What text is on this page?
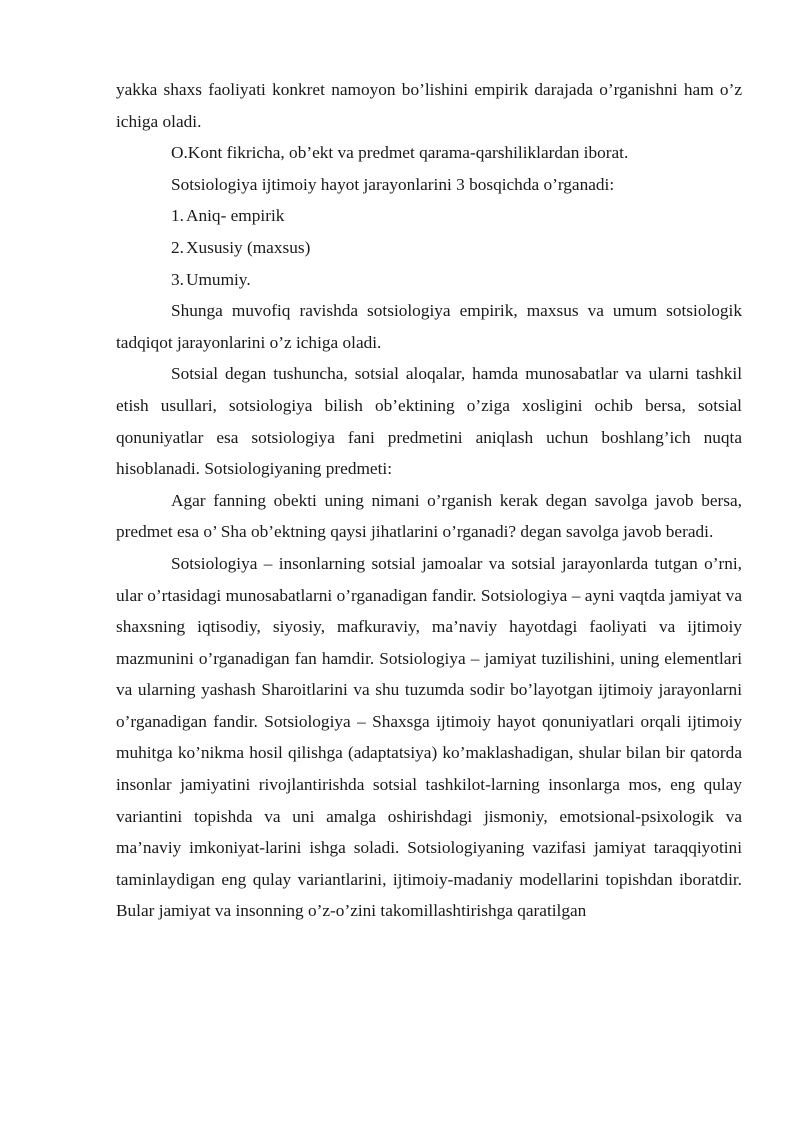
yakka shaxs faoliyati konkret namoyon bo’lishini empirik darajada o’rganishni ham o’z ichiga oladi.

O.Kont fikricha, ob’ekt va predmet qarama-qarshiliklardan iborat.

Sotsiologiya ijtimoiy hayot jarayonlarini 3 bosqichda o’rganadi:

1. Aniq- empirik

2. Xususiy (maxsus)

3. Umumiy.

Shunga muvofiq ravishda sotsiologiya empirik, maxsus va umum sotsiologik tadqiqot jarayonlarini o’z ichiga oladi.

Sotsial degan tushuncha, sotsial aloqalar, hamda munosabatlar va ularni tashkil etish usullari, sotsiologiya bilish ob’ektining o’ziga xosligini ochib bersa, sotsial qonuniyatlar esa sotsiologiya fani predmetini aniqlash uchun boshlang’ich nuqta hisoblanadi. Sotsiologiyaning predmeti:

Agar fanning obekti uning nimani o’rganish kerak degan savolga javob bersa, predmet esa o’ Sha ob’ektning qaysi jihatlarini o’rganadi? degan savolga javob beradi.

Sotsiologiya – insonlarning sotsial jamoalar va sotsial jarayonlarda tutgan o’rni, ular o’rtasidagi munosabatlarni o’rganadigan fandir. Sotsiologiya – ayni vaqtda jamiyat va shaxsning iqtisodiy, siyosiy, mafkuraviy, ma’naviy hayotdagi faoliyati va ijtimoiy mazmunini o’rganadigan fan hamdir. Sotsiologiya – jamiyat tuzilishini, uning elementlari va ularning yashash Sharoitlarini va shu tuzumda sodir bo’layotgan ijtimoiy jarayonlarni o’rganadigan fandir. Sotsiologiya – Shaxsga ijtimoiy hayot qonuniyatlari orqali ijtimoiy muhitga ko’nikma hosil qilishga (adaptatsiya) ko’maklashadigan, shular bilan bir qatorda insonlar jamiyatini rivojlantirishda sotsial tashkilot-larning insonlarga mos, eng qulay variantini topishda va uni amalga oshirishdagi jismoniy, emotsional-psixologik va ma’naviy imkoniyat-larini ishga soladi. Sotsiologiyaning vazifasi jamiyat taraqqiyotini taminlaydigan eng qulay variantlarini, ijtimoiy-madaniy modellarini topishdan iboratdir. Bular jamiyat va insonning o’z-o’zini takomillashtirishga qaratilgan
